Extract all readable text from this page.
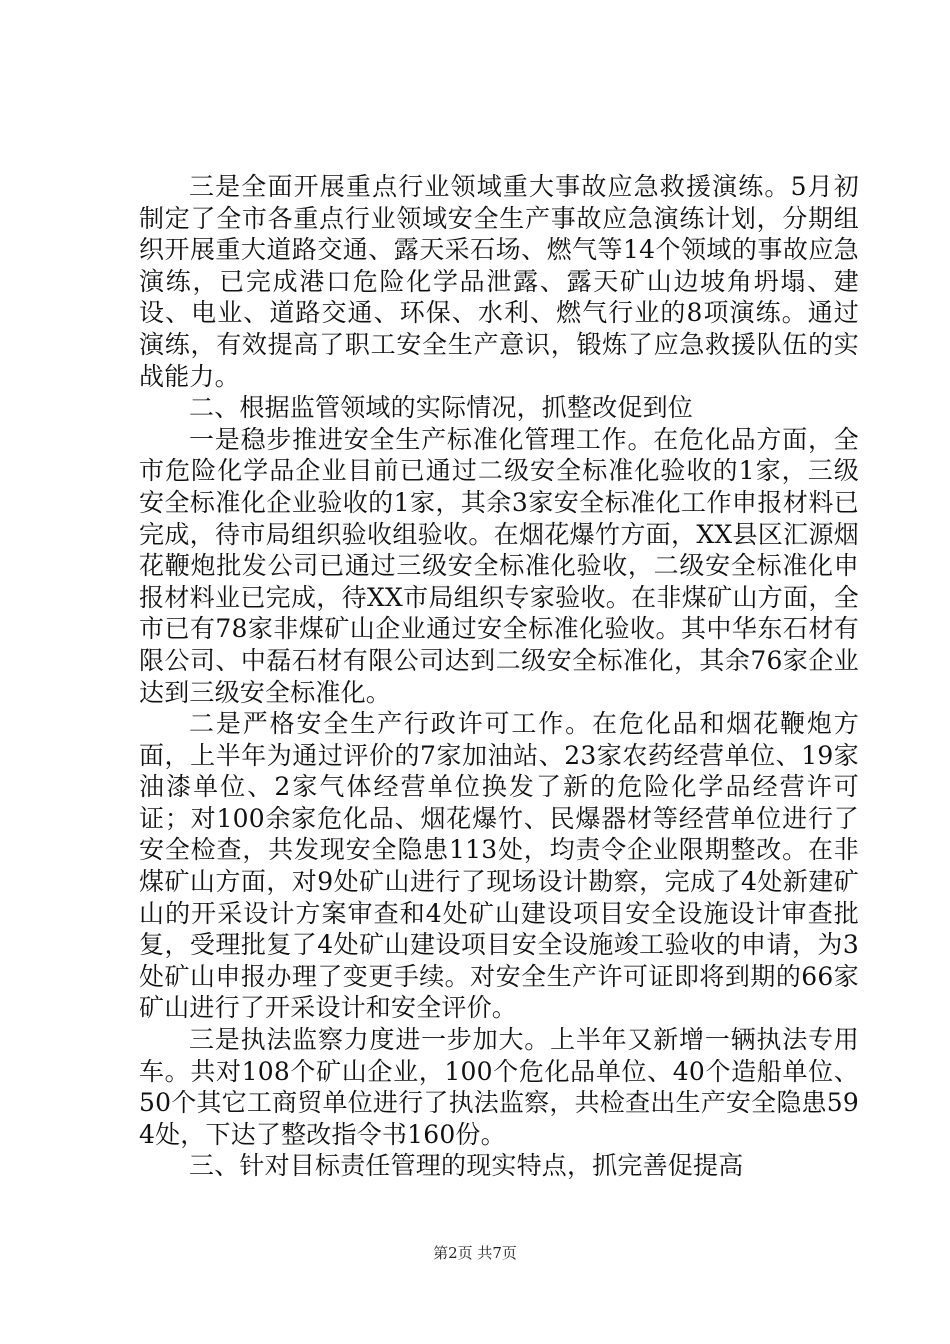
三是全面开展重点行业领域重大事故应急救援演练。5月初制定了全市各重点行业领域安全生产事故应急演练计划，分期组织开展重大道路交通、露天采石场、燃气等14个领域的事故应急演练，已完成港口危险化学品泄露、露天矿山边坡角坍塌、建设、电业、道路交通、环保、水利、燃气行业的8项演练。通过演练，有效提高了职工安全生产意识，锻炼了应急救援队伍的实战能力。

二、根据监管领域的实际情况，抓整改促到位

一是稳步推进安全生产标准化管理工作。在危化品方面，全市危险化学品企业目前已通过二级安全标准化验收的1家，三级安全标准化企业验收的1家，其余3家安全标准化工作申报材料已完成，待市局组织验收组验收。在烟花爆竹方面，XX县区汇源烟花鞭炮批发公司已通过三级安全标准化验收，二级安全标准化申报材料业已完成，待XX市局组织专家验收。在非煤矿山方面，全市已有78家非煤矿山企业通过安全标准化验收。其中华东石材有限公司、中磊石材有限公司达到二级安全标准化，其余76家企业达到三级安全标准化。

二是严格安全生产行政许可工作。在危化品和烟花鞭炮方面，上半年为通过评价的7家加油站、23家农药经营单位、19家油漆单位、2家气体经营单位换发了新的危险化学品经营许可证；对100余家危化品、烟花爆竹、民爆器材等经营单位进行了安全检查，共发现安全隐患113处，均责令企业限期整改。在非煤矿山方面，对9处矿山进行了现场设计勘察，完成了4处新建矿山的开采设计方案审查和4处矿山建设项目安全设施设计审查批复，受理批复了4处矿山建设项目安全设施竣工验收的申请，为3处矿山申报办理了变更手续。对安全生产许可证即将到期的66家矿山进行了开采设计和安全评价。

三是执法监察力度进一步加大。上半年又新增一辆执法专用车。共对108个矿山企业，100个危化品单位、40个造船单位、50个其它工商贸单位进行了执法监察，共检查出生产安全隐患594处，下达了整改指令书160份。

三、针对目标责任管理的现实特点，抓完善促提高

第2页 共7页
